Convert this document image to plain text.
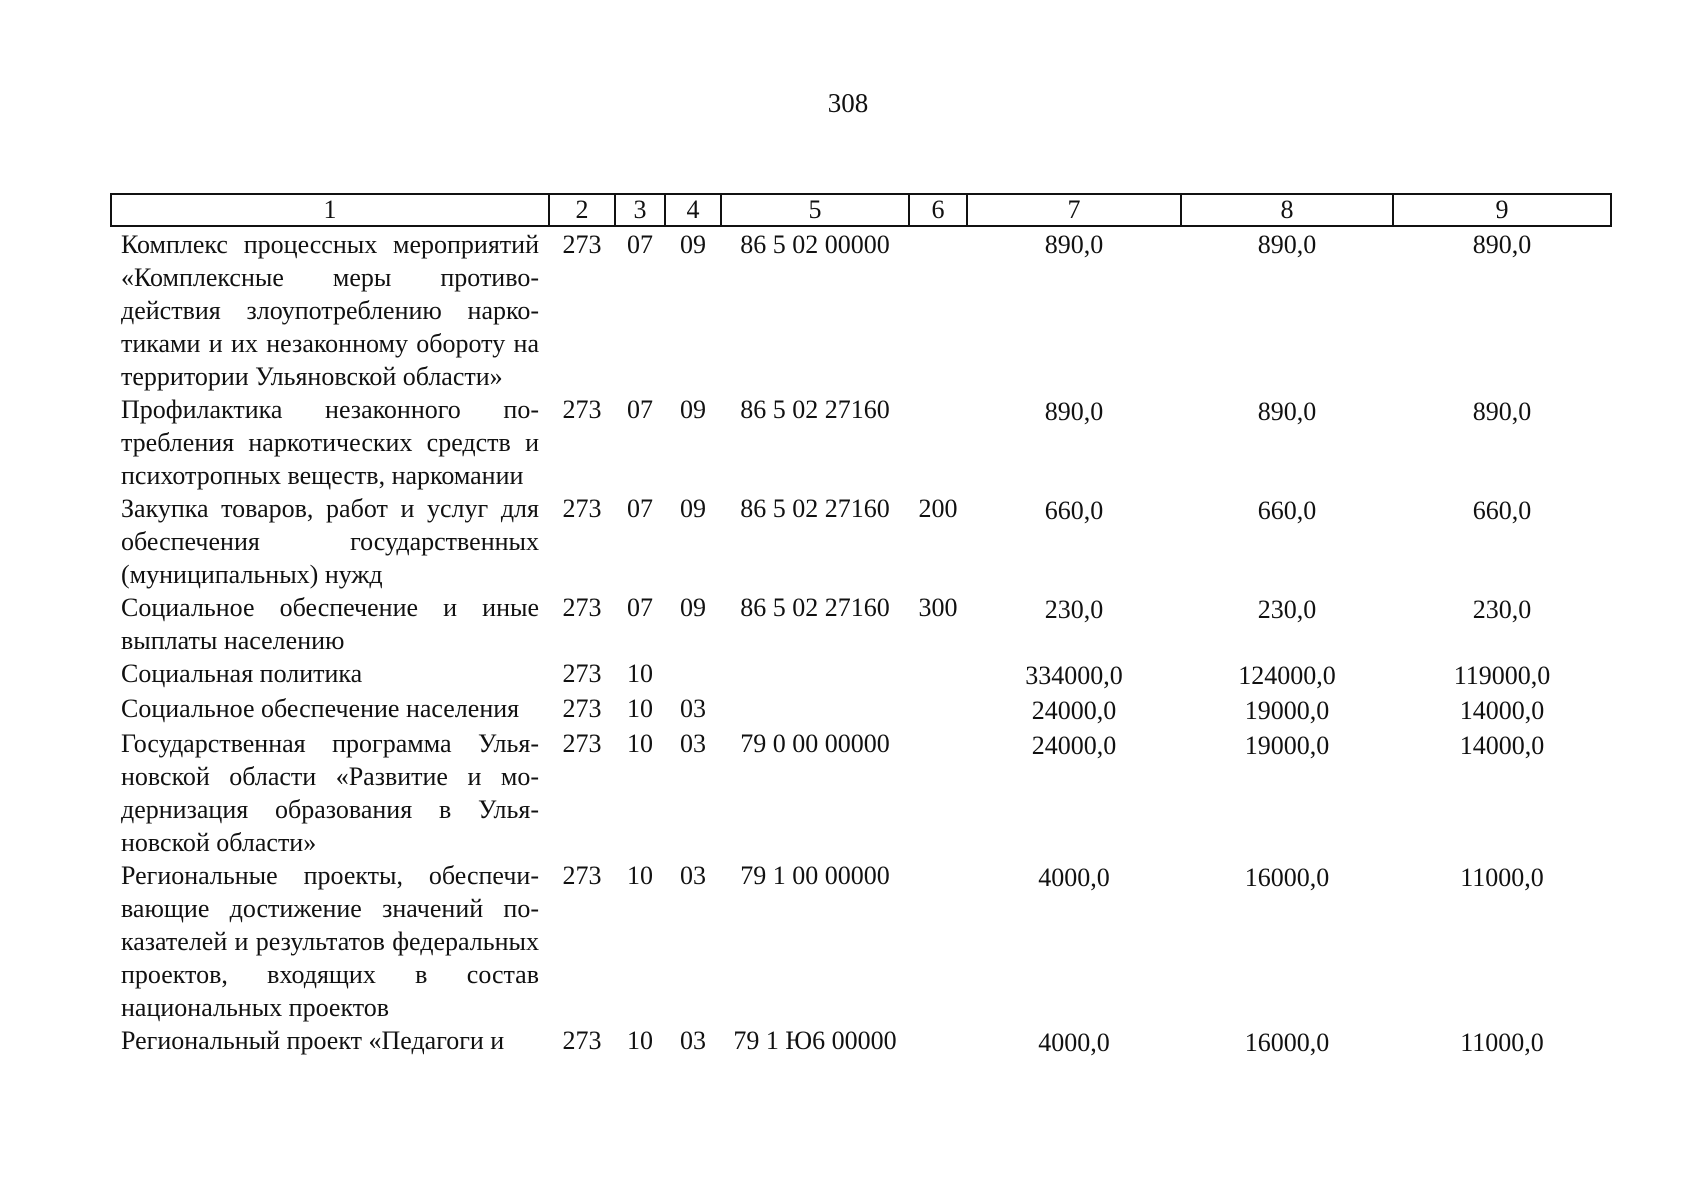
308
1	2	3	4	5	6	7	8	9
Комплекс процессных мероприятий «Комплексные меры противодействия злоупотреблению наркотиками и их незаконному обороту на территории Ульяновской области»	273	07	09	86 5 02 00000		890,0	890,0	890,0
Профилактика незаконного потребления наркотических средств и психотропных веществ, наркомании	273	07	09	86 5 02 27160		890,0	890,0	890,0
Закупка товаров, работ и услуг для обеспечения государственных (муниципальных) нужд	273	07	09	86 5 02 27160	200	660,0	660,0	660,0
Социальное обеспечение и иные выплаты населению	273	07	09	86 5 02 27160	300	230,0	230,0	230,0
Социальная политика	273	10				334000,0	124000,0	119000,0
Социальное обеспечение населения	273	10	03			24000,0	19000,0	14000,0
Государственная программа Ульяновской области «Развитие и модернизация образования в Ульяновской области»	273	10	03	79 0 00 00000		24000,0	19000,0	14000,0
Региональные проекты, обеспечивающие достижение значений показателей и результатов федеральных проектов, входящих в состав национальных проектов	273	10	03	79 1 00 00000		4000,0	16000,0	11000,0
Региональный проект «Педагоги и	273	10	03	79 1 Ю6 00000		4000,0	16000,0	11000,0
